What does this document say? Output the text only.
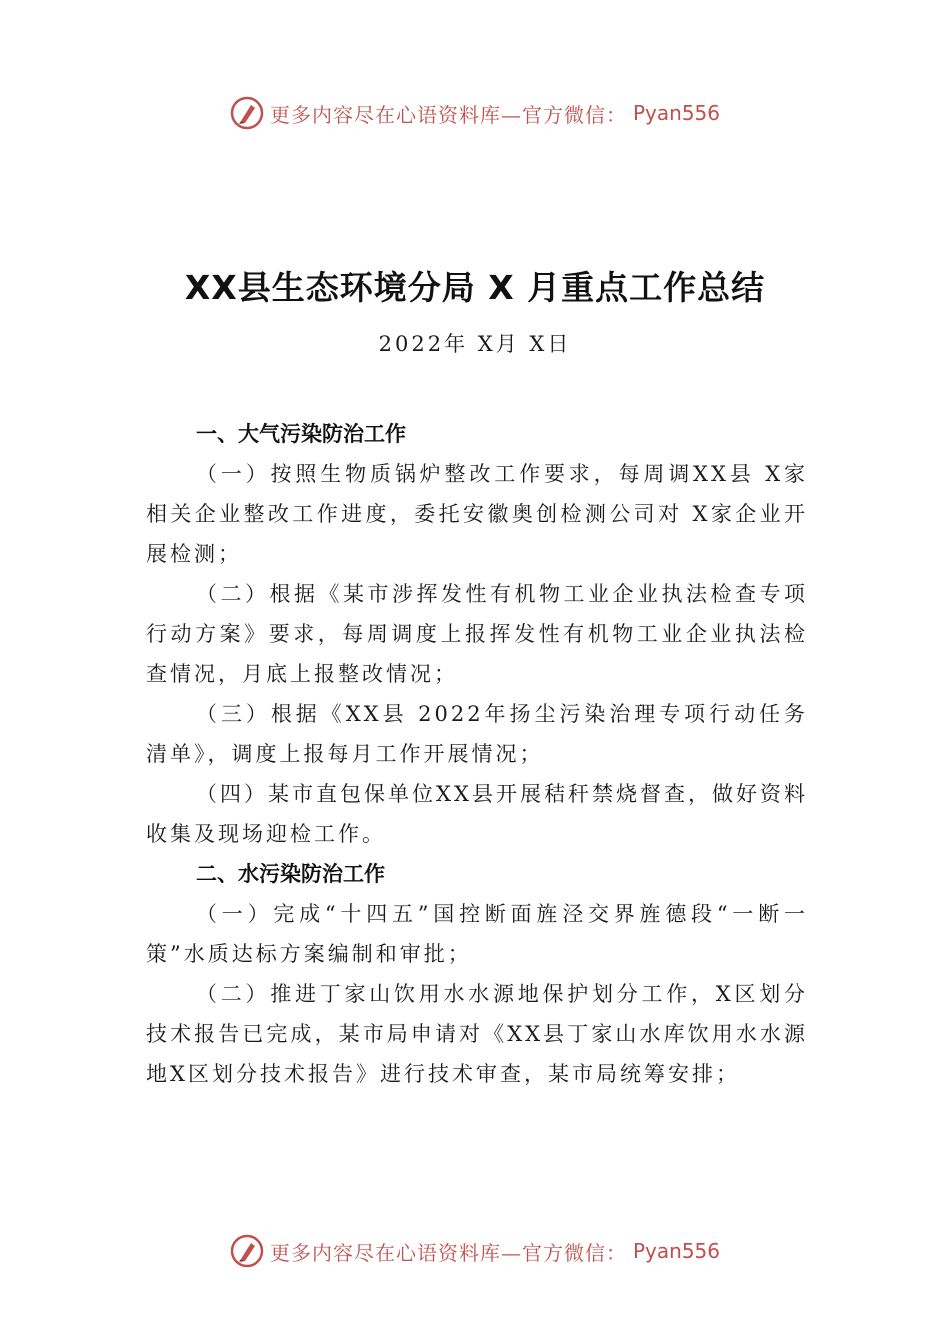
更多内容尽在心语资料库—官方微信： Pyan556
XX县生态环境分局 X 月重点工作总结
2022年 X月 X日

一、大气污染防治工作

（一）按照生物质锅炉整改工作要求，每周调XX县 X家相关企业整改工作进度，委托安徽奥创检测公司对 X家企业开展检测；

（二）根据《某市涉挥发性有机物工业企业执法检查专项行动方案》要求，每周调度上报挥发性有机物工业企业执法检查情况，月底上报整改情况；

（三）根据《XX县 2022年扬尘污染治理专项行动任务清单》，调度上报每月工作开展情况；

（四）某市直包保单位XX县开展秸秆禁烧督查，做好资料收集及现场迎检工作。

二、水污染防治工作

（一）完成“十四五”国控断面旌泾交界旌德段“一断一策”水质达标方案编制和审批；

（二）推进丁家山饮用水水源地保护划分工作，X区划分技术报告已完成，某市局申请对《XX县丁家山水库饮用水水源地X区划分技术报告》进行技术审查，某市局统筹安排；

更多内容尽在心语资料库—官方微信： Pyan556
